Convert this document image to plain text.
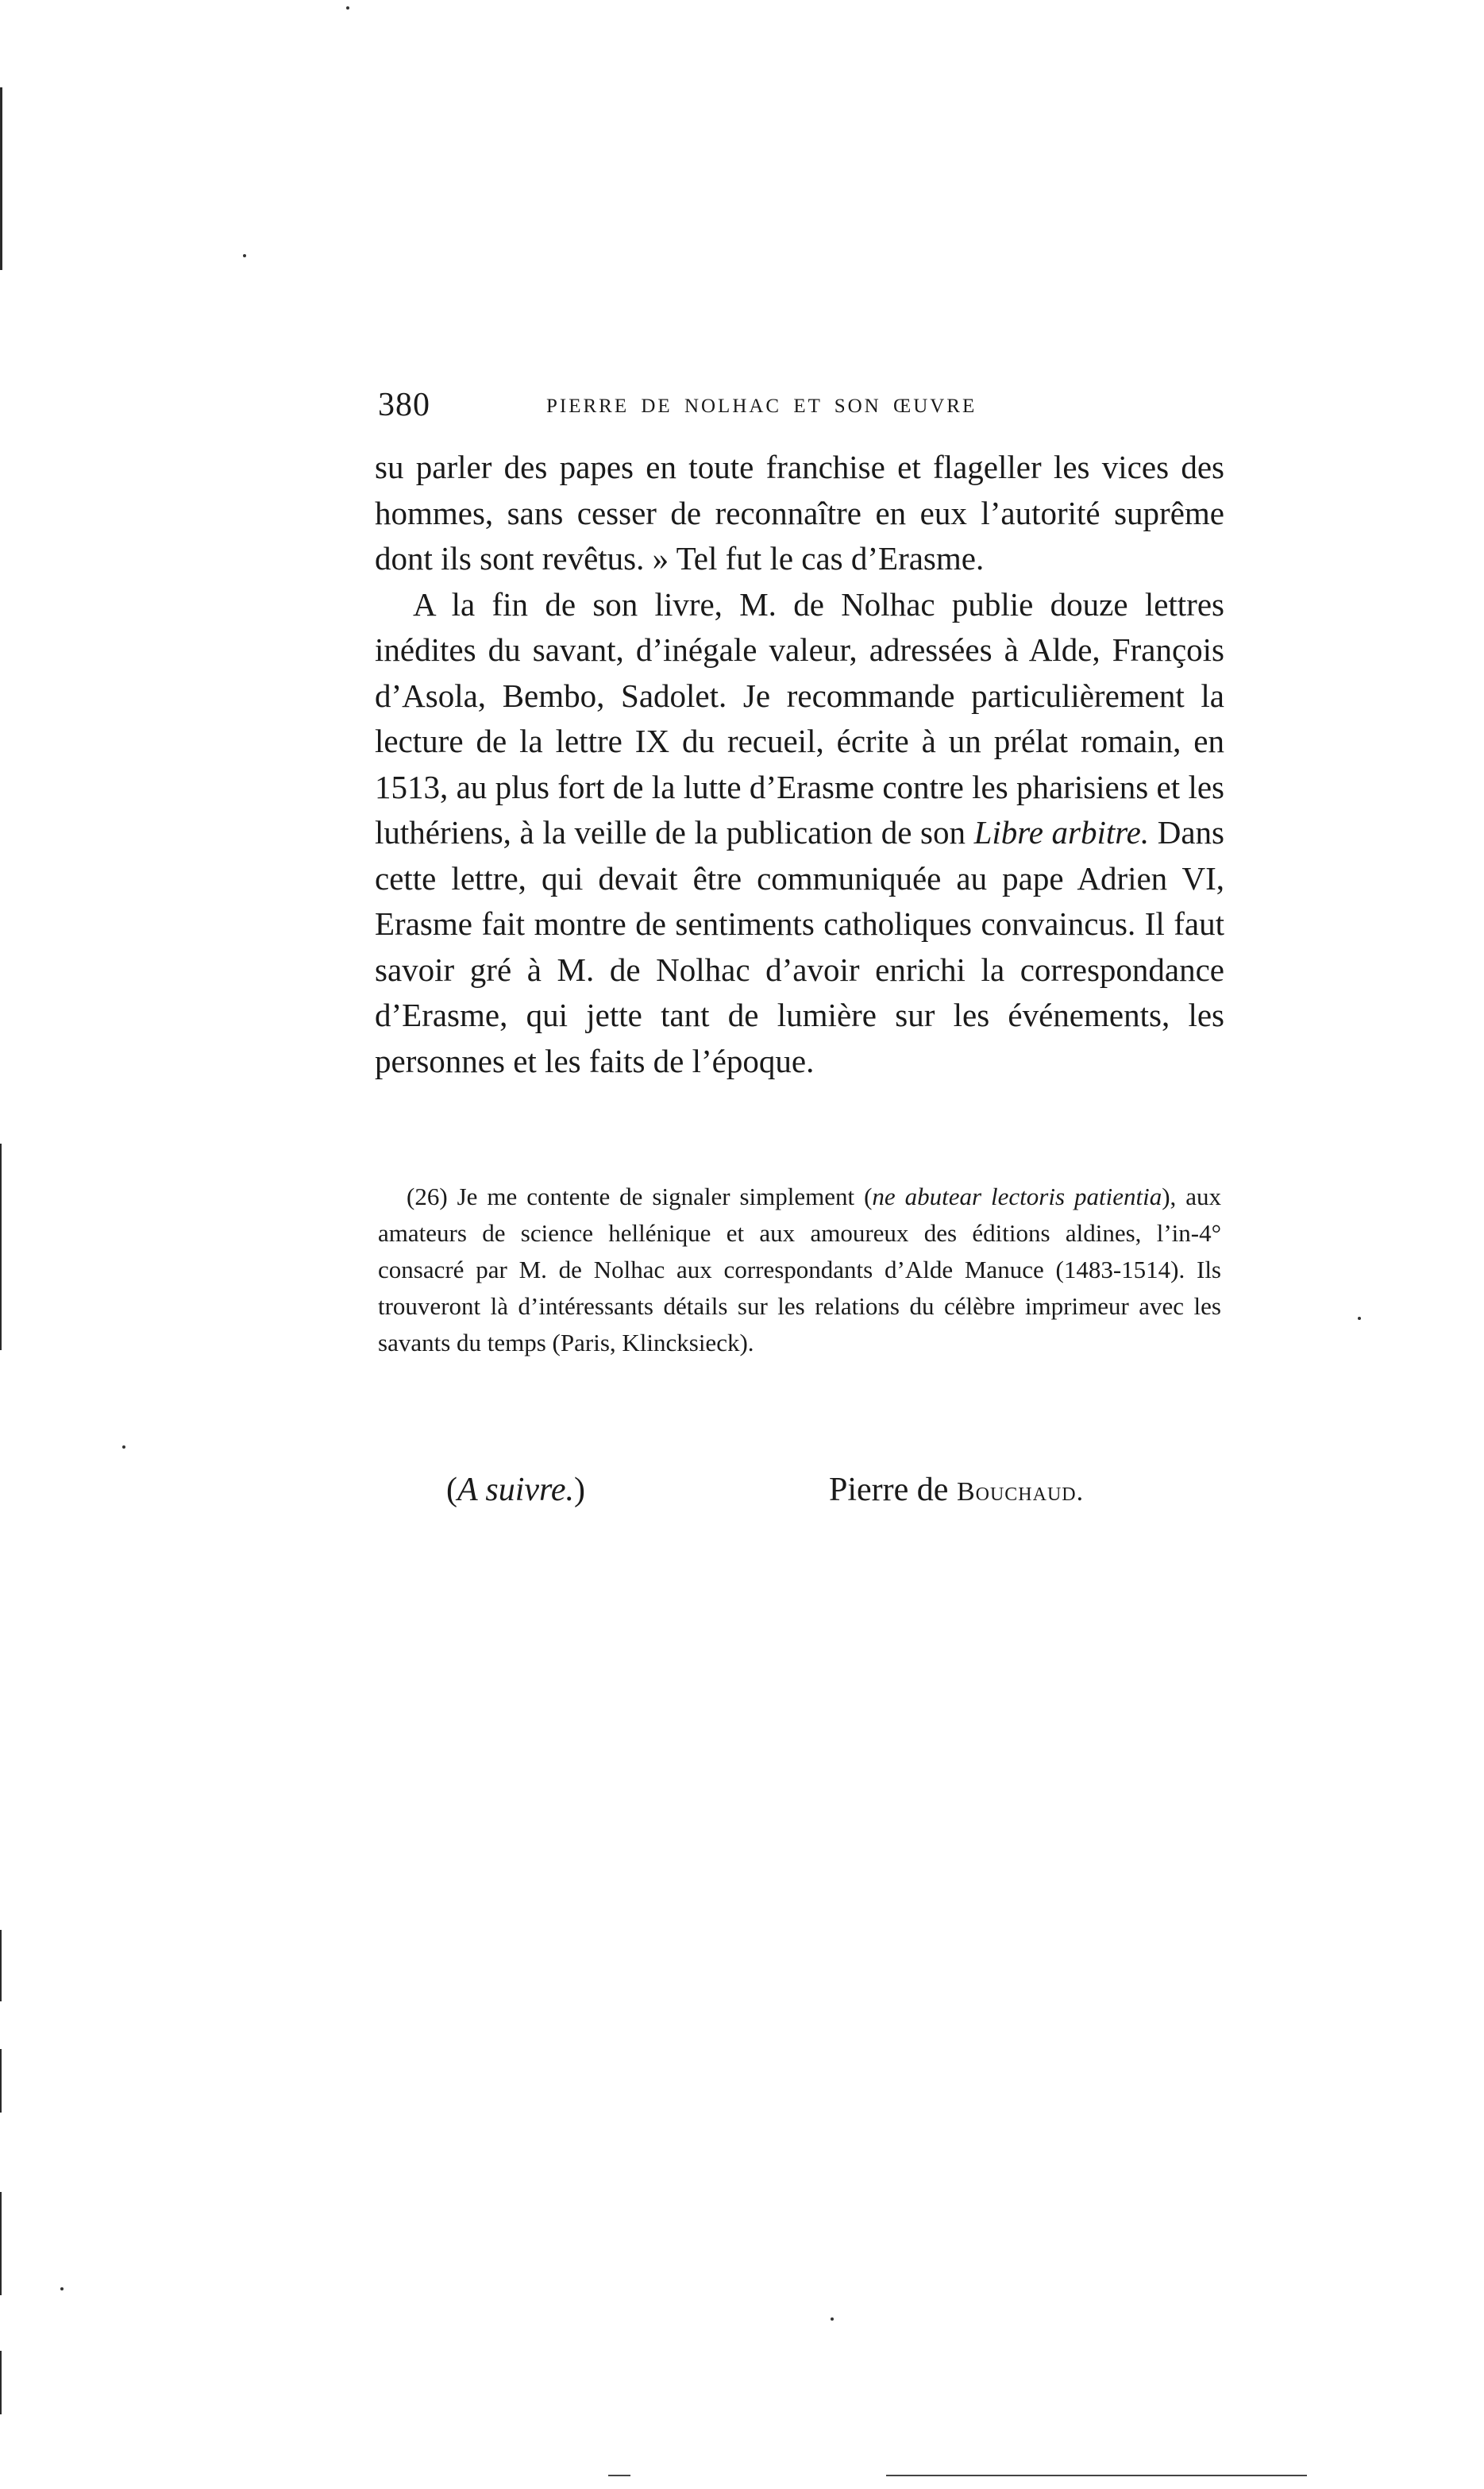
380	PIERRE DE NOLHAC ET SON ŒUVRE

su parler des papes en toute franchise et flageller les vices des hommes, sans cesser de reconnaître en eux l’autorité suprême dont ils sont revêtus. » Tel fut le cas d’Erasme.

A la fin de son livre, M. de Nolhac publie douze lettres inédites du savant, d’inégale valeur, adressées à Alde, François d’Asola, Bembo, Sadolet. Je recommande particulièrement la lecture de la lettre IX du recueil, écrite à un prélat romain, en 1513, au plus fort de la lutte d’Erasme contre les pharisiens et les luthériens, à la veille de la publication de son Libre arbitre. Dans cette lettre, qui devait être communiquée au pape Adrien VI, Erasme fait montre de sentiments catholiques convaincus. Il faut savoir gré à M. de Nolhac d’avoir enrichi la correspondance d’Erasme, qui jette tant de lumière sur les événements, les personnes et les faits de l’époque.

(26) Je me contente de signaler simplement (ne abutear lectoris patientia), aux amateurs de science hellénique et aux amoureux des éditions aldines, l’in-4° consacré par M. de Nolhac aux correspondants d’Alde Manuce (1483-1514). Ils trouveront là d’intéressants détails sur les relations du célèbre imprimeur avec les savants du temps (Paris, Klincksieck).
(A suivre.)	Pierre de Bouchaud.
